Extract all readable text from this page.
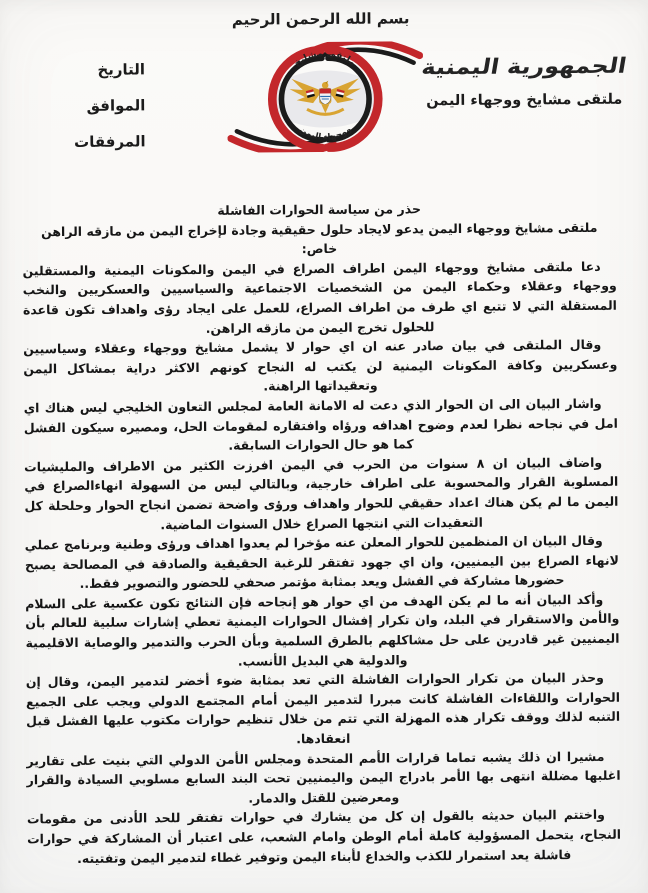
بسم الله الرحمن الرحيم
التاريخ
الموافق
المرفقات
ملتقى مشايخ
ووجهاء اليمن
الجمهورية اليمنية
ملتقى مشايخ ووجهاء اليمن
حذر من سياسة الحوارات الفاشلة
ملتقى مشايخ ووجهاء اليمن يدعو لايجاد حلول حقيقية وجادة لإخراج اليمن من مازقه الراهن
خاص:

دعا ملتقى مشايخ ووجهاء اليمن اطراف الصراع في اليمن والمكونات اليمنية والمستقلين ووجهاء وعقلاء وحكماء اليمن من الشخصيات الاجتماعية والسياسيين والعسكريين والنخب المستقلة التي لا تتبع اي طرف من اطراف الصراع، للعمل على ايجاد رؤى واهداف تكون قاعدة للحلول تخرج اليمن من مازقه الراهن.

وقال الملتقى في بيان صادر عنه ان اي حوار لا يشمل مشايخ ووجهاء وعقلاء وسياسيين وعسكريين وكافة المكونات اليمنية لن يكتب له النجاح كونهم الاكثر دراية بمشاكل اليمن وتعقيداتها الراهنة.

واشار البيان الى ان الحوار الذي دعت له الامانة العامة لمجلس التعاون الخليجي ليس هناك اي امل في نجاحه نظرا لعدم وضوح اهدافه ورؤاه وافتقاره لمقومات الحل، ومصيره سيكون الفشل كما هو حال الحوارات السابقة.

واضاف البيان ان ٨ سنوات من الحرب في اليمن افرزت الكثير من الاطراف والمليشيات المسلوبة القرار والمحسوبة على اطراف خارجية، وبالتالي ليس من السهولة انهاءالصراع في اليمن ما لم يكن هناك اعداد حقيقي للحوار واهداف ورؤى واضحة تضمن انجاح الحوار وحلحلة كل التعقيدات التي انتجها الصراع خلال السنوات الماضية.

وقال البيان ان المنظمين للحوار المعلن عنه مؤخرا لم يعدوا اهداف ورؤى وطنية وبرنامج عملي لانهاء الصراع بين اليمنيين، وان اي جهود تفتقر للرغبة الحقيقية والصادقة في المصالحة يصبح حضورها مشاركة في الفشل ويعد بمثابة مؤتمر صحفي للحضور والتصوير فقط..

وأكد البيان أنه ما لم يكن الهدف من اي حوار هو إنجاحه فإن النتائج تكون عكسية على السلام والأمن والاستقرار في البلد، وان تكرار إفشال الحوارات اليمنية تعطي إشارات سلبية للعالم بأن اليمنيين غير قادرين على حل مشاكلهم بالطرق السلمية وبأن الحرب والتدمير والوصاية الاقليمية والدولية هي البديل الأنسب.

وحذر البيان من تكرار الحوارات الفاشلة التي تعد بمثابة ضوء أخضر لتدمير اليمن، وقال إن الحوارات واللقاءات الفاشلة كانت مبررا لتدمير اليمن أمام المجتمع الدولي ويجب على الجميع التنبه لذلك ووقف تكرار هذه المهزلة التي تتم من خلال تنظيم حوارات مكتوب عليها الفشل قبل انعقادها.

مشيرا ان ذلك يشبه تماما قرارات الأمم المتحدة ومجلس الأمن الدولي التي بنيت على تقارير اغلبها مضللة انتهى بها الأمر بادراج اليمن واليمنيين تحت البند السابع مسلوبي السيادة والقرار ومعرضين للقتل والدمار.

واختتم البيان حديثه بالقول إن كل من يشارك في حوارات تفتقر للحد الأدنى من مقومات النجاح، يتحمل المسؤولية كاملة أمام الوطن وامام الشعب، على اعتبار أن المشاركة في حوارات فاشلة يعد استمرار للكذب والخداع لأبناء اليمن وتوفير غطاء لتدمير اليمن وتفتيته.
